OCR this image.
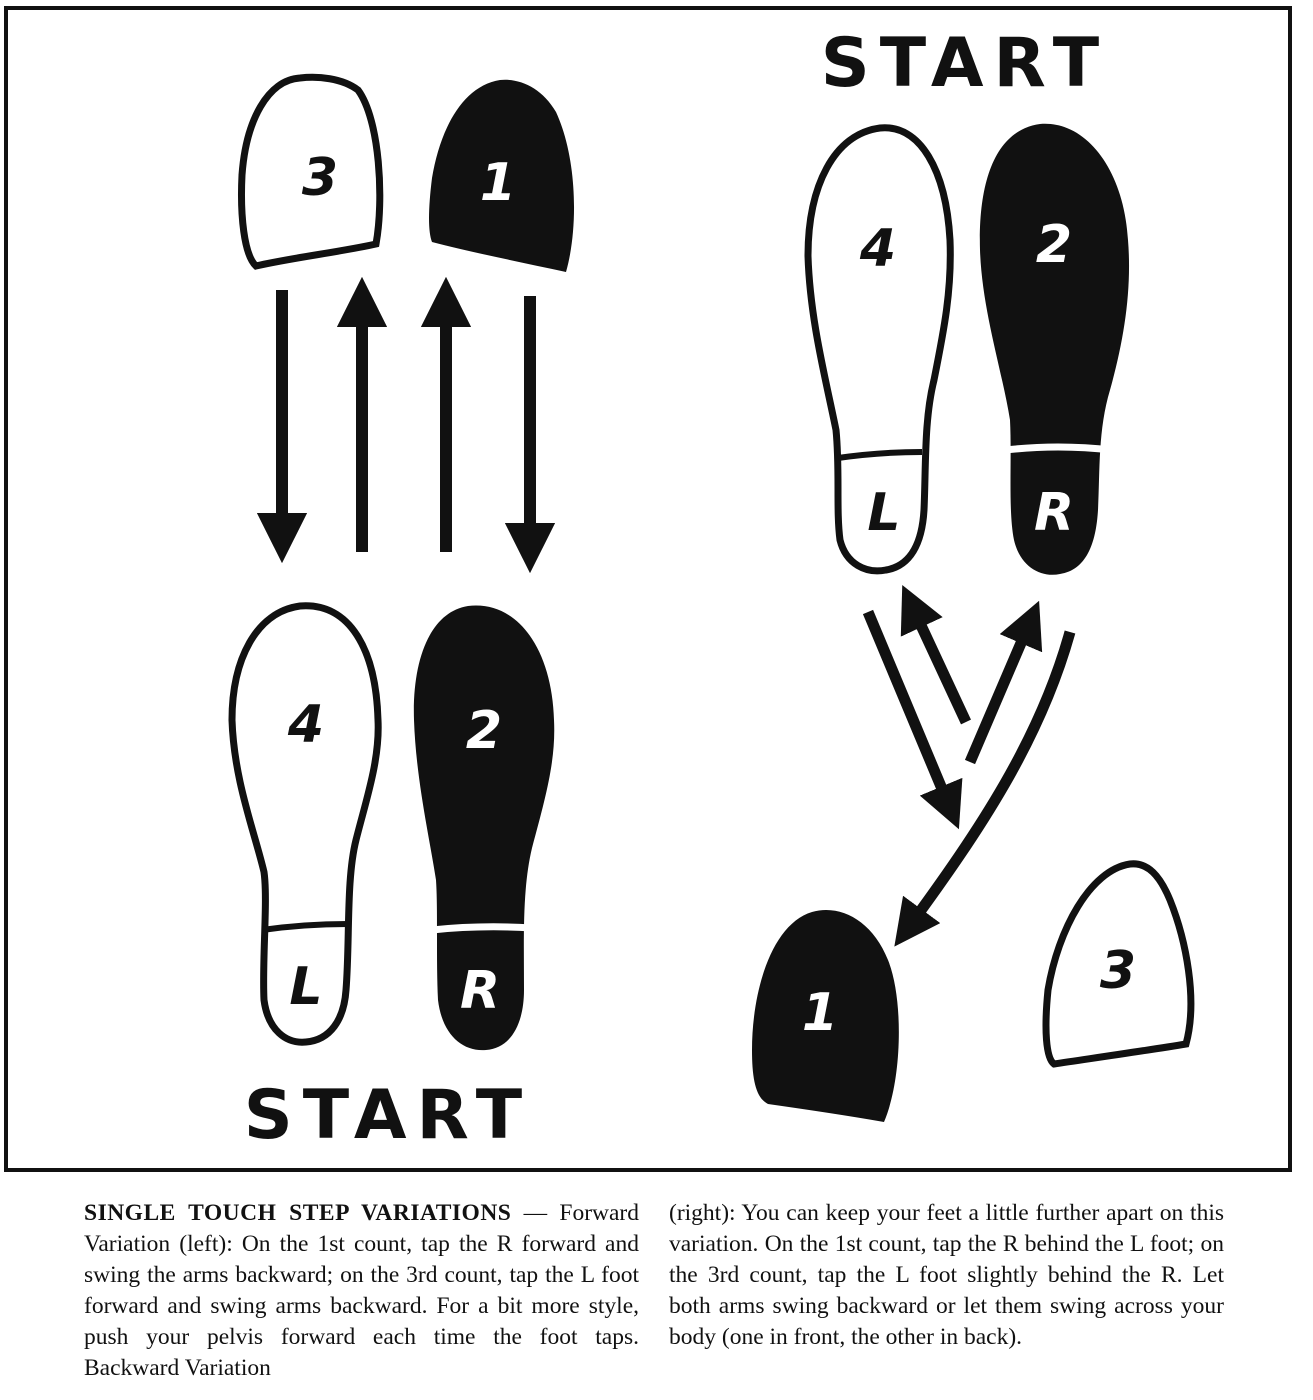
3	1
4
L
2
R
START
START
4
L
2
R
1
3
SINGLE TOUCH STEP VARIATIONS — Forward Variation (left): On the 1st count, tap the R forward and swing the arms backward; on the 3rd count, tap the L foot forward and swing arms backward. For a bit more style, push your pelvis forward each time the foot taps. Backward Variation
(right): You can keep your feet a little further apart on this variation. On the 1st count, tap the R behind the L foot; on the 3rd count, tap the L foot slightly behind the R. Let both arms swing backward or let them swing across your body (one in front, the other in back).
